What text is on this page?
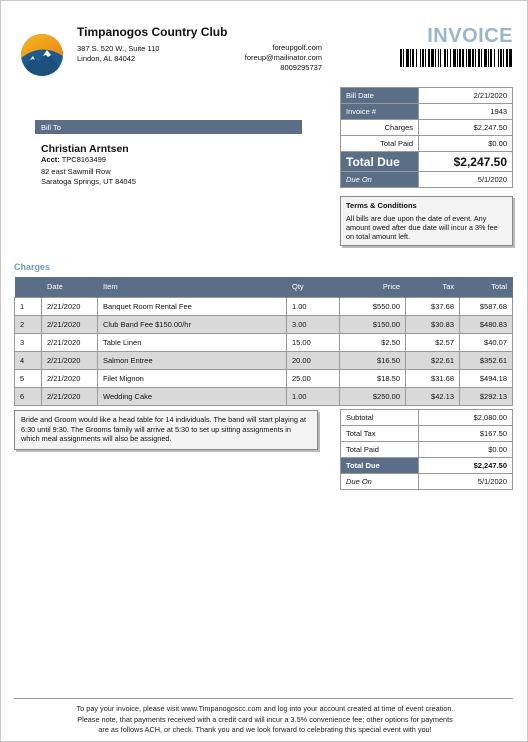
Timpanogos Country Club
387 S. 520 W., Suite 110
Lindon, AL 84042
foreupgolf.com
foreup@mailinator.com
8009295737
INVOICE
Bill To
Christian Arntsen
Acct: TPC8163499
82 east Sawmill Row
Saratoga Springs, UT 84045
Bill Date	2/21/2020
Invoice #	1943
Charges	$2,247.50
Total Paid	$0.00
Total Due	$2,247.50
Due On	5/1/2020
Terms & Conditions
All bills are due upon the date of event. Any amount owed after due date will incur a 3% fee on total amount left.
Charges
	Date	Item	Qty	Price	Tax	Total
1	2/21/2020	Banquet Room Rental Fee	1.00	$550.00	$37.68	$587.68
2	2/21/2020	Club Band Fee $150.00/hr	3.00	$150.00	$30.83	$480.83
3	2/21/2020	Table Linen	15.00	$2.50	$2.57	$40.07
4	2/21/2020	Salmon Entree	20.00	$16.50	$22.61	$352.61
5	2/21/2020	Filet Mignon	25.00	$18.50	$31.68	$494.18
6	2/21/2020	Wedding Cake	1.00	$250.00	$42.13	$292.13
Bride and Groom would like a head table for 14 individuals. The band will start playing at 6:30 until 9:30. The Grooms family will arrive at 5:30 to set up sitting assignments in which meal assignments will also be assigned.
Subtotal	$2,080.00
Total Tax	$167.50
Total Paid	$0.00
Total Due	$2,247.50
Due On	5/1/2020
To pay your invoice, please visit www.Timpanogoscc.com and log into your account created at time of event creation.
Please note, that payments received with a credit card will incur a 3.5% convenience fee; other options for payments
are as follows ACH, or check. Thank you and we look forward to celebrating this special event with you!
